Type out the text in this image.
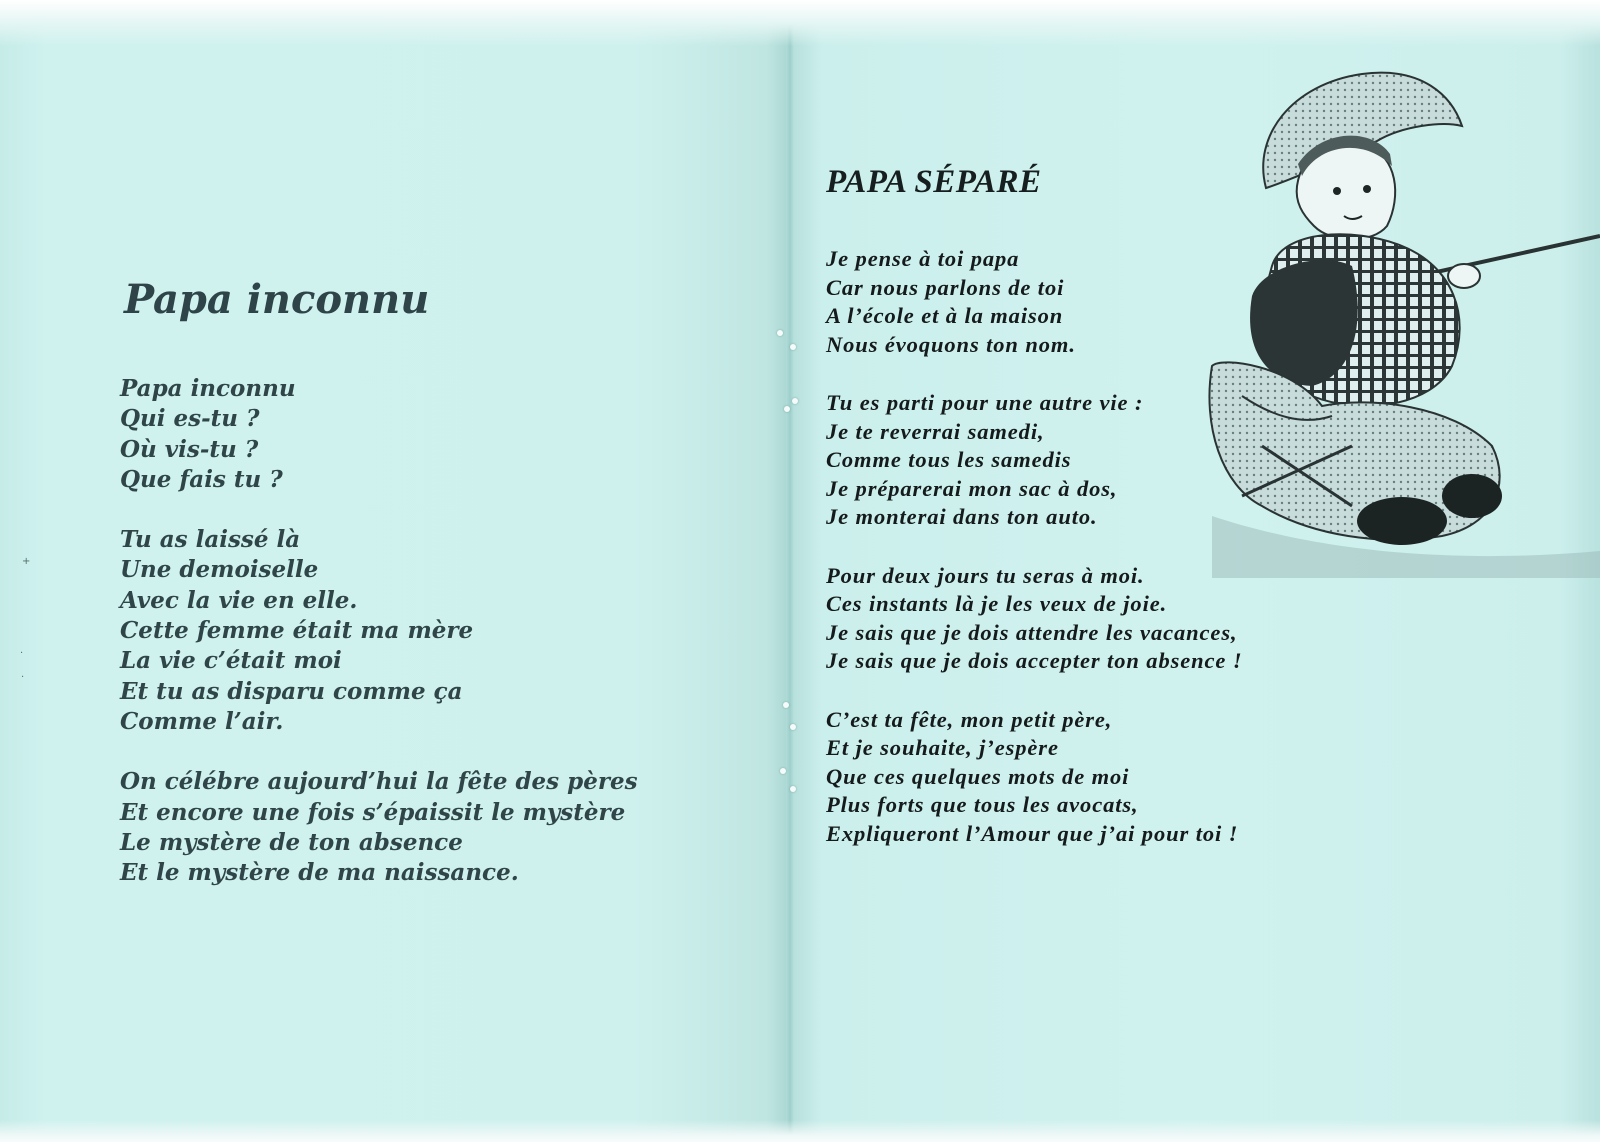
+
·
·
Papa inconnu
Papa inconnu
Qui es-tu ?
Où vis-tu ?
Que fais tu ?
Tu as laissé là
Une demoiselle
Avec la vie en elle.
Cette femme était ma mère
La vie c’était moi
Et tu as disparu comme ça
Comme l’air.
On célébre aujourd’hui la fête des pères
Et encore une fois s’épaissit le mystère
Le mystère de ton absence
Et le mystère de ma naissance.
PAPA SÉPARÉ
Je pense à toi papa
Car nous parlons de toi
A l’école et à la maison
Nous évoquons ton nom.
Tu es parti pour une autre vie :
Je te reverrai samedi,
Comme tous les samedis
Je préparerai mon sac à dos,
Je monterai dans ton auto.
Pour deux jours tu seras à moi.
Ces instants là je les veux de joie.
Je sais que je dois attendre les vacances,
Je sais que je dois accepter ton absence !
C’est ta fête, mon petit père,
Et je souhaite, j’espère
Que ces quelques mots de moi
Plus forts que tous les avocats,
Expliqueront l’Amour que j’ai pour toi !
